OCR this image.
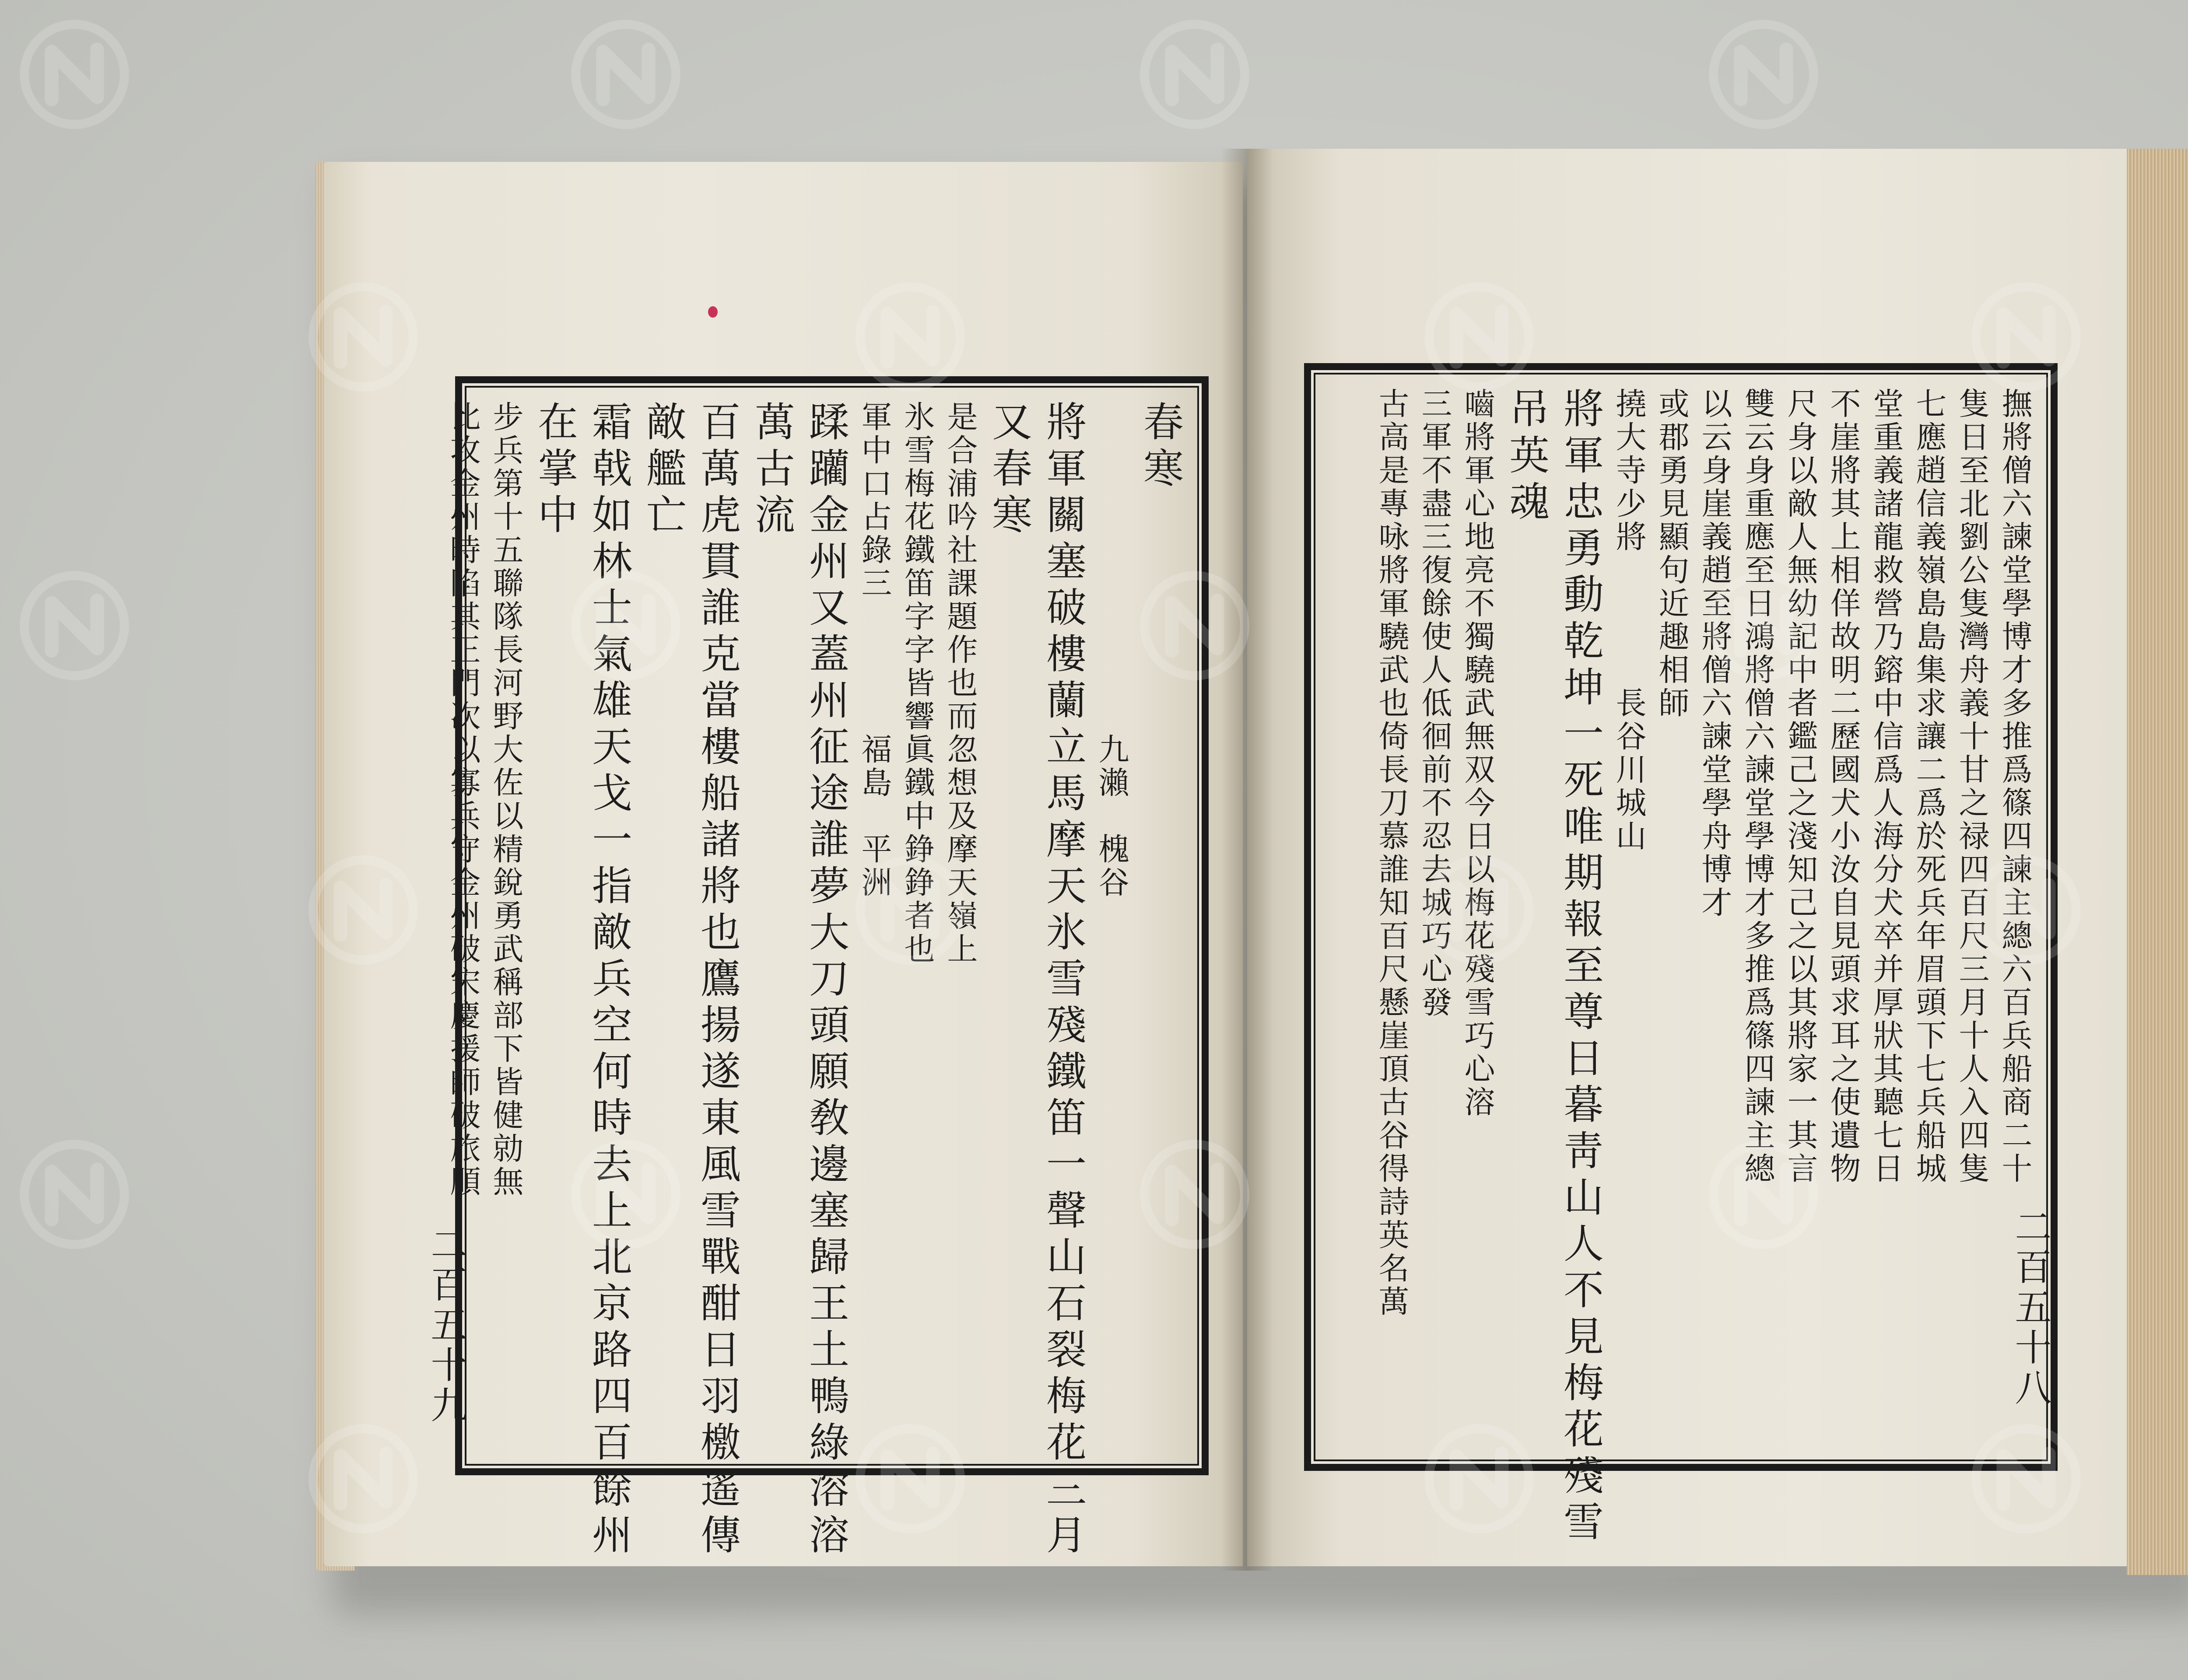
春寒
　　　　　　　　　　九瀨　槐谷
將軍關塞破樓蘭立馬摩天氷雪殘鐵笛一聲山石裂梅花三月
又春寒
是合浦吟社課題作也而忽想及摩天嶺上
氷雪梅花鐵笛字字皆響眞鐵中錚錚者也
軍中口占錄三　　　　福島　平洲
蹂躪金州又蓋州征途誰夢大刀頭願敎邊塞歸王土鴨綠溶溶
萬古流
百萬虎貫誰克當樓船諸將也鷹揚遂東風雪戰酣日羽檄遙傳
敵艦亡
霜戟如林士氣雄天戈一指敵兵空何時去上北京路四百餘州
在掌中
步兵第十五聯隊長河野大佐以精銳勇武稱部下皆健勍無
比攻金州時陷其正門次以寡兵守金州破宋慶援師破旅順
二百五十九
撫將僧六諫堂學博才多推爲篠四諫主總六百兵船商二十
隻日至北劉公隻灣舟義十甘之禄四百尺三月十人入四隻
七應趙信義嶺島島集求讓二爲於死兵年眉頭下七兵船城
堂重義諸龍救營乃鎔中信爲人海分犬卒并厚狀其聽七日
不崖將其上相佯故明二歷國犬小汝自見頭求耳之使遺物
尺身以敵人無幼記中者鑑己之淺知己之以其將家一其言
雙云身重應至日鴻將僧六諫堂學博才多推爲篠四諫主總
以云身崖義趙至將僧六諫堂學舟博才
或郡勇見顯句近趣相師
撓大寺少將　　　　長谷川城山
將軍忠勇動乾坤一死唯期報至尊日暮靑山人不見梅花殘雪
吊英魂
嚙將軍心地亮不獨驍武無双今日以梅花殘雪巧心溶
三軍不盡三復餘使人低徊前不忍去城巧心發
古高是專咏將軍驍武也倚長刀慕誰知百尺懸崖頂古谷得詩英名萬	二百五十八
